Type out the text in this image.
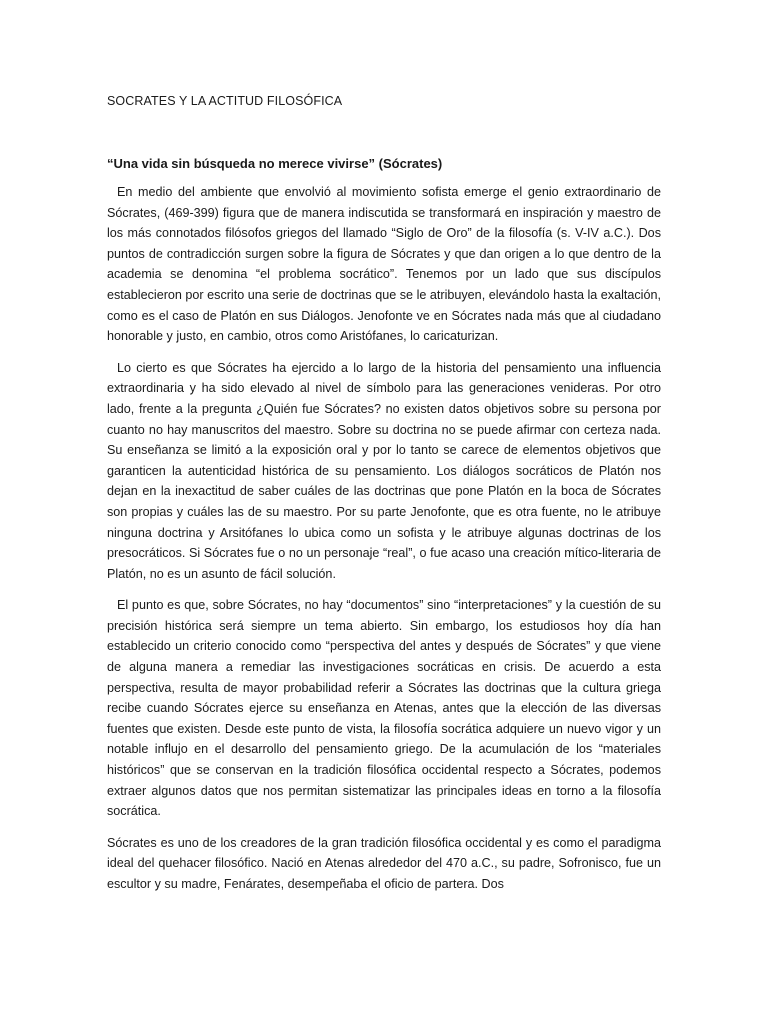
SOCRATES Y LA ACTITUD FILOSÓFICA

“Una vida sin búsqueda no merece vivirse” (Sócrates)

En medio del ambiente que envolvió al movimiento sofista emerge el genio extraordinario de Sócrates, (469-399) figura que de manera indiscutida se transformará en inspiración y maestro de los más connotados filósofos griegos del llamado “Siglo de Oro” de la filosofía (s. V-IV a.C.). Dos puntos de contradicción surgen sobre la figura de Sócrates y que dan origen a lo que dentro de la academia se denomina “el problema socrático”. Tenemos por un lado que sus discípulos establecieron por escrito una serie de doctrinas que se le atribuyen, elevándolo hasta la exaltación, como es el caso de Platón en sus Diálogos. Jenofonte ve en Sócrates nada más que al ciudadano honorable y justo, en cambio, otros como Aristófanes, lo caricaturizan.

Lo cierto es que Sócrates ha ejercido a lo largo de la historia del pensamiento una influencia extraordinaria y ha sido elevado al nivel de símbolo para las generaciones venideras. Por otro lado, frente a la pregunta ¿Quién fue Sócrates? no existen datos objetivos sobre su persona por cuanto no hay manuscritos del maestro. Sobre su doctrina no se puede afirmar con certeza nada. Su enseñanza se limitó a la exposición oral y por lo tanto se carece de elementos objetivos que garanticen la autenticidad histórica de su pensamiento. Los diálogos socráticos de Platón nos dejan en la inexactitud de saber cuáles de las doctrinas que pone Platón en la boca de Sócrates son propias y cuáles las de su maestro. Por su parte Jenofonte, que es otra fuente, no le atribuye ninguna doctrina y Arsitófanes lo ubica como un sofista y le atribuye algunas doctrinas de los presocráticos. Si Sócrates fue o no un personaje “real”, o fue acaso una creación mítico-literaria de Platón, no es un asunto de fácil solución.

El punto es que, sobre Sócrates, no hay “documentos” sino “interpretaciones” y la cuestión de su precisión histórica será siempre un tema abierto. Sin embargo, los estudiosos hoy día han establecido un criterio conocido como “perspectiva del antes y después de Sócrates” y que viene de alguna manera a remediar las investigaciones socráticas en crisis. De acuerdo a esta perspectiva, resulta de mayor probabilidad referir a Sócrates las doctrinas que la cultura griega recibe cuando Sócrates ejerce su enseñanza en Atenas, antes que la elección de las diversas fuentes que existen. Desde este punto de vista, la filosofía socrática adquiere un nuevo vigor y un notable influjo en el desarrollo del pensamiento griego. De la acumulación de los “materiales históricos” que se conservan en la tradición filosófica occidental respecto a Sócrates, podemos extraer algunos datos que nos permitan sistematizar las principales ideas en torno a la filosofía socrática.

Sócrates es uno de los creadores de la gran tradición filosófica occidental y es como el paradigma ideal del quehacer filosófico. Nació en Atenas alrededor del 470 a.C., su padre, Sofronisco, fue un escultor y su madre, Fenárates, desempeñaba el oficio de partera. Dos
